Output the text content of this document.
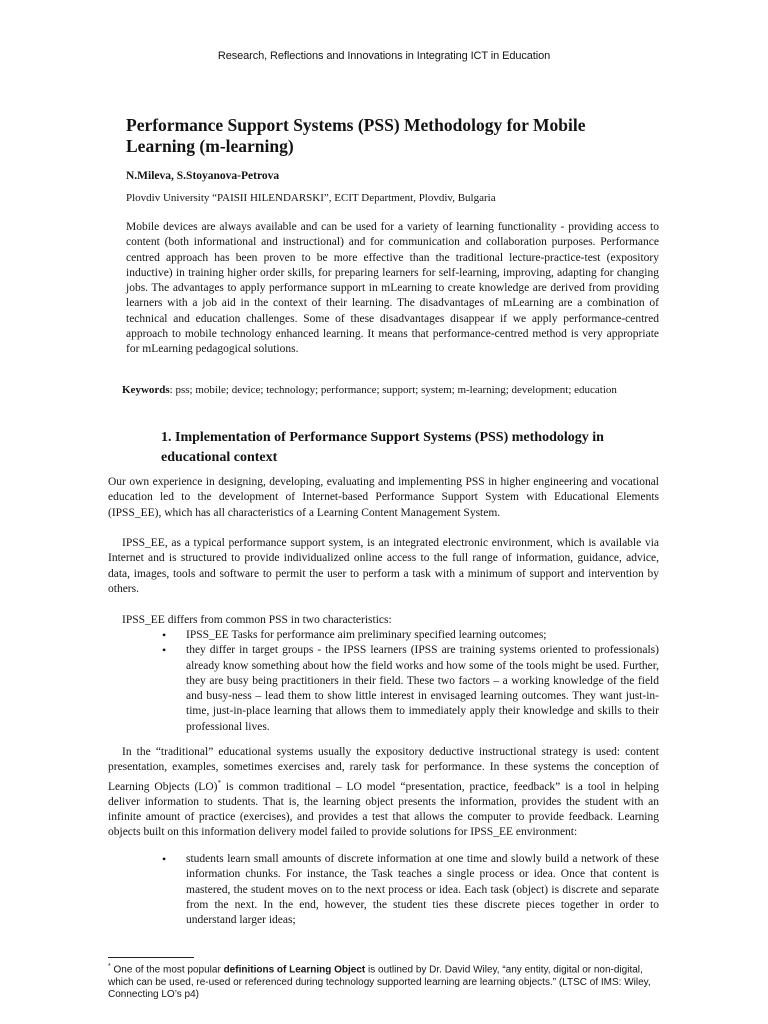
Research, Reflections and Innovations in Integrating ICT in Education
Performance Support Systems (PSS) Methodology for Mobile Learning (m-learning)
N.Mileva, S.Stoyanova-Petrova
Plovdiv University “PAISII HILENDARSKI”, ECIT Department, Plovdiv, Bulgaria

Mobile devices are always available and can be used for a variety of learning functionality - providing access to content (both informational and instructional) and for communication and collaboration purposes. Performance centred approach has been proven to be more effective than the traditional lecture-practice-test (expository inductive) in training higher order skills, for preparing learners for self-learning, improving, adapting for changing jobs. The advantages to apply performance support in mLearning to create knowledge are derived from providing learners with a job aid in the context of their learning. The disadvantages of mLearning are a combination of technical and education challenges. Some of these disadvantages disappear if we apply performance-centred approach to mobile technology enhanced learning. It means that performance-centred method is very appropriate for mLearning pedagogical solutions.

Keywords: pss; mobile; device; technology; performance; support; system; m-learning; development; education
1. Implementation of Performance Support Systems (PSS) methodology in educational context

Our own experience in designing, developing, evaluating and implementing PSS in higher engineering and vocational education led to the development of Internet-based Performance Support System with Educational Elements (IPSS_EE), which has all characteristics of a Learning Content Management System.

IPSS_EE, as a typical performance support system, is an integrated electronic environment, which is available via Internet and is structured to provide individualized online access to the full range of information, guidance, advice, data, images, tools and software to permit the user to perform a task with a minimum of support and intervention by others.

IPSS_EE differs from common PSS in two characteristics:

• IPSS_EE Tasks for performance aim preliminary specified learning outcomes;
• they differ in target groups - the IPSS learners (IPSS are training systems oriented to professionals) already know something about how the field works and how some of the tools might be used. Further, they are busy being practitioners in their field. These two factors – a working knowledge of the field and busy-ness – lead them to show little interest in envisaged learning outcomes. They want just-in-time, just-in-place learning that allows them to immediately apply their knowledge and skills to their professional lives.

In the “traditional” educational systems usually the expository deductive instructional strategy is used: content presentation, examples, sometimes exercises and, rarely task for performance. In these systems the conception of Learning Objects (LO)* is common traditional – LO model “presentation, practice, feedback” is a tool in helping deliver information to students. That is, the learning object presents the information, provides the student with an infinite amount of practice (exercises), and provides a test that allows the computer to provide feedback. Learning objects built on this information delivery model failed to provide solutions for IPSS_EE environment:

• students learn small amounts of discrete information at one time and slowly build a network of these information chunks. For instance, the Task teaches a single process or idea. Once that content is mastered, the student moves on to the next process or idea. Each task (object) is discrete and separate from the next. In the end, however, the student ties these discrete pieces together in order to understand larger ideas;
* One of the most popular definitions of Learning Object is outlined by Dr. David Wiley, “any entity, digital or non-digital, which can be used, re-used or referenced during technology supported learning are learning objects.” (LTSC of IMS: Wiley, Connecting LO’s p4)
